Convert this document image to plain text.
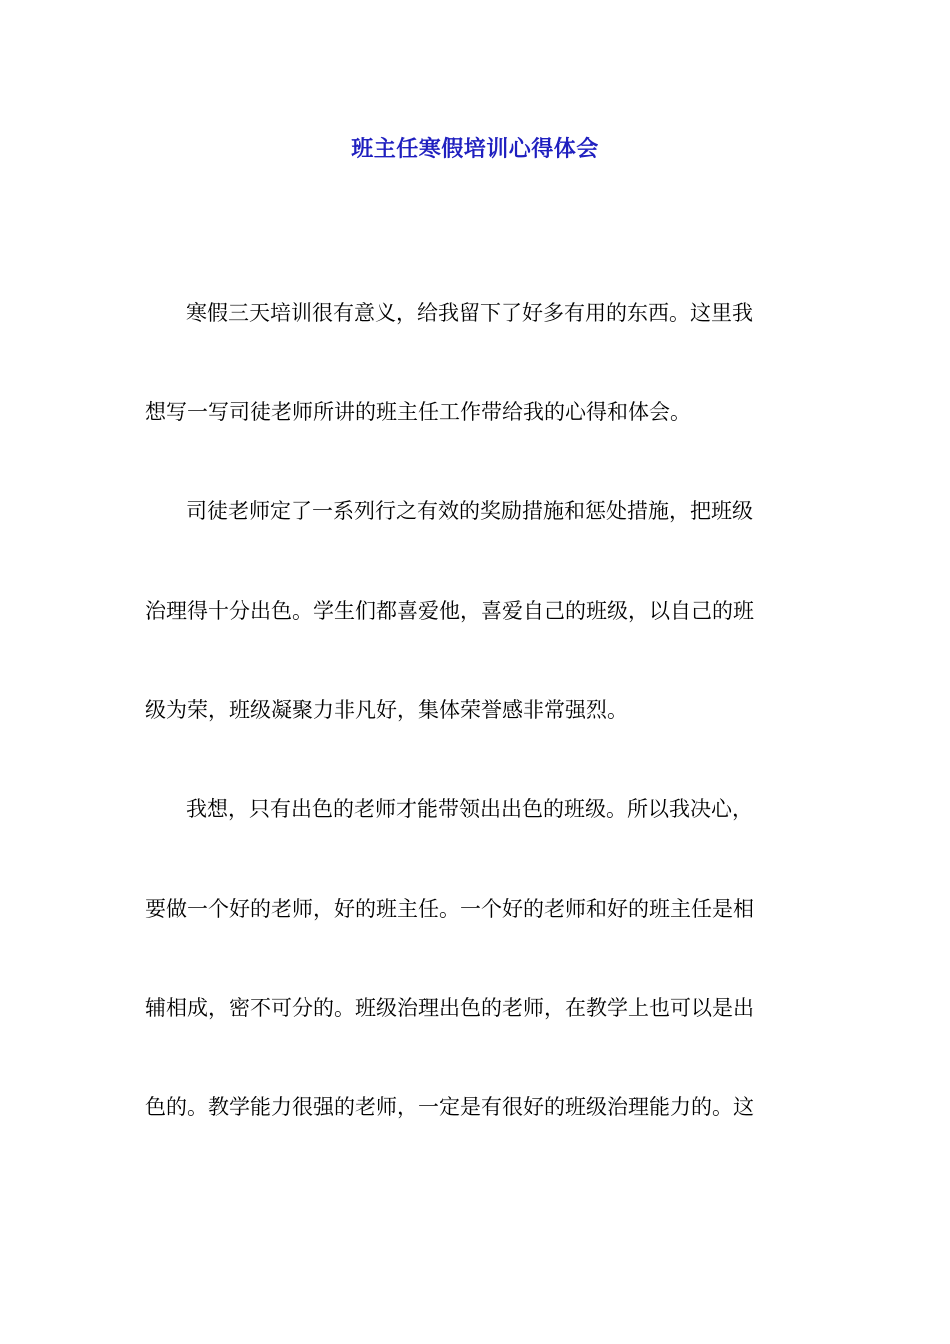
班主任寒假培训心得体会
寒假三天培训很有意义，给我留下了好多有用的东西。这里我
想写一写司徒老师所讲的班主任工作带给我的心得和体会。
司徒老师定了一系列行之有效的奖励措施和惩处措施，把班级
治理得十分出色。学生们都喜爱他，喜爱自己的班级，以自己的班
级为荣，班级凝聚力非凡好，集体荣誉感非常强烈。
我想，只有出色的老师才能带领出出色的班级。所以我决心，
要做一个好的老师，好的班主任。一个好的老师和好的班主任是相
辅相成，密不可分的。班级治理出色的老师，在教学上也可以是出
色的。教学能力很强的老师，一定是有很好的班级治理能力的。这
